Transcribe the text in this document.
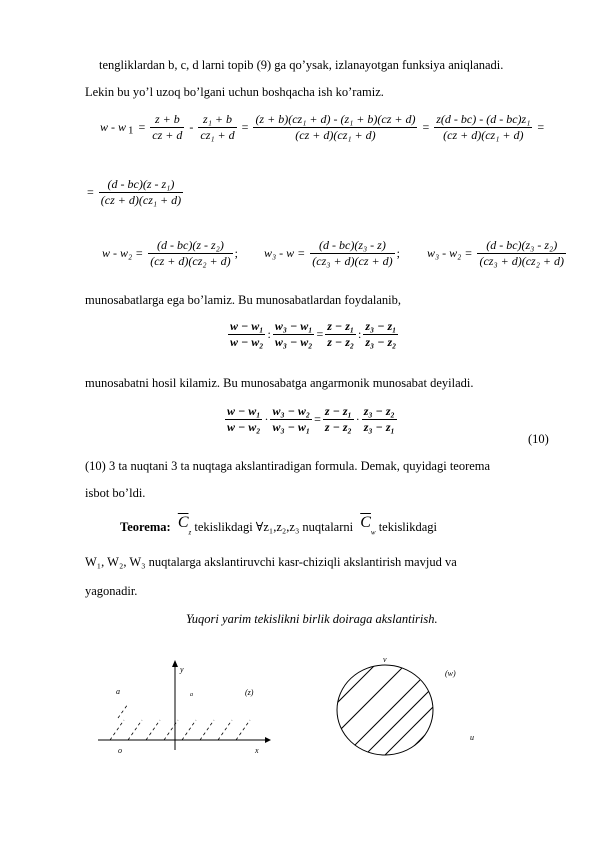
tengliklardan b, c, d larni topib (9) ga qo’ysak, izlanayotgan funksiya aniqlanadi.
Lekin bu yo’l uzoq bo’lgani uchun boshqacha ish ko’ramiz.
w - w $_1 = \frac{z + b}{cz + d} - \frac{\text{z₁ + b}}{\text{cz₁ + d}} = \frac{\text{(z + b)(cz₁ + d) - (z₁ + b)(cz + d)}}{\text{(cz + d)(cz₁ + d)}} = \frac{\text{z(d - bc) - (d - bc)z₁}}{\text{(cz + d)(cz₁ + d)}}$ =
= $\frac{\text{(d - bc)(z - z₁)}}{\text{(cz + d)(cz₁ + d)}}$
$w - w_2 = \frac{\text{(d - bc)(z - z₂)}}{\text{(cz + d)(cz₂ + d)}}$ ; $w_3 - w = \frac{\text{(d - bc)(z₃ - z)}}{\text{(cz₃ + d)(cz + d)}}$ ; $w_3 - w_2 = \frac{\text{(d - bc)(z₃ - z₂)}}{\text{(cz₃ + d)(cz₂ + d)}}$
munosabatlarga ega bo’lamiz. Bu munosabatlardan foydalanib,
$\frac{\text{w − w₁}}{\text{w − w₂}}$ : $\frac{\text{w₃ − w₁}}{\text{w₃ − w₂}} = \frac{\text{z − z₁}}{\text{z − z₂}}$ : $\frac{\text{z₃ − z₁}}{\text{z₃ − z₂}}$
munosabatni hosil kilamiz. Bu munosabatga angarmonik munosabat deyiladi.
$\frac{\text{w − w₁}}{\text{w − w₂}} \cdot \frac{\text{w₃ − w₂}}{\text{w₃ − w₁}} = \frac{\text{z − z₁}}{\text{z − z₂}} \cdot \frac{\text{z₃ − z₂}}{\text{z₃ − z₁}}$
(10)
(10) 3 ta nuqtani 3 ta nuqtaga akslantiradigan formula. Demak, quyidagi teorema
isbot bo’ldi.
Teorema: $\overline{C}_z$ tekislikdagi ∀z₁,z₂,z₃ nuqtalarni $\overline{C}_w$ tekislikdagi
W₁, W₂, W₃ nuqtalarga akslantiruvchi kasr-chiziqli akslantirish mavjud va
yagonadir.
Yuqori yarim tekislikni birlik doiraga akslantirish.
y
(z)
x
o
a	a
v
(w)
u
